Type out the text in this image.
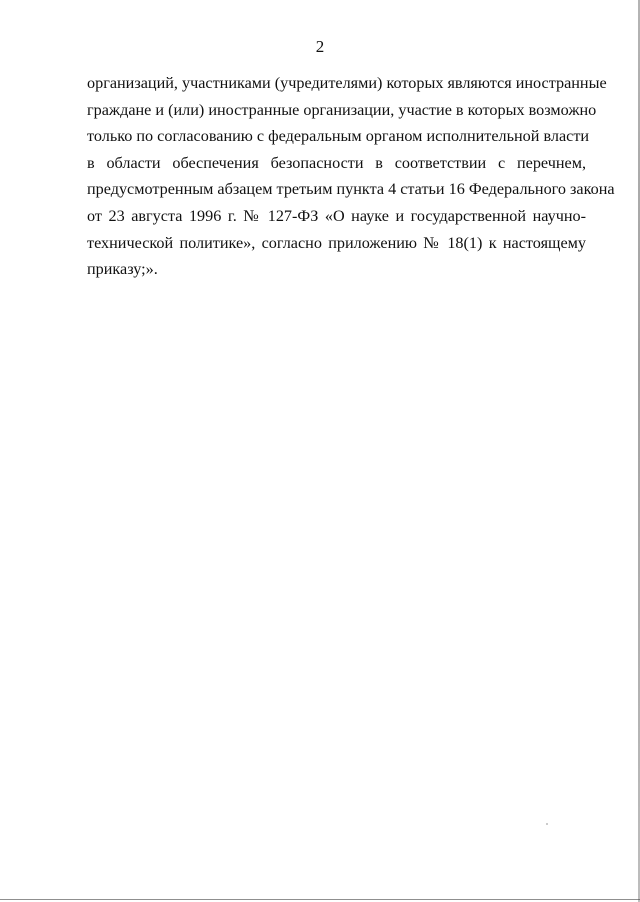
2
организаций, участниками (учредителями) которых являются иностранные
граждане и (или) иностранные организации, участие в которых возможно
только по согласованию с федеральным органом исполнительной власти
в области обеспечения безопасности в соответствии с перечнем,
предусмотренным абзацем третьим пункта 4 статьи 16 Федерального закона
от 23 августа 1996 г. № 127-ФЗ «О науке и государственной научно-
технической политике», согласно приложению № 18(1) к настоящему
приказу;».
